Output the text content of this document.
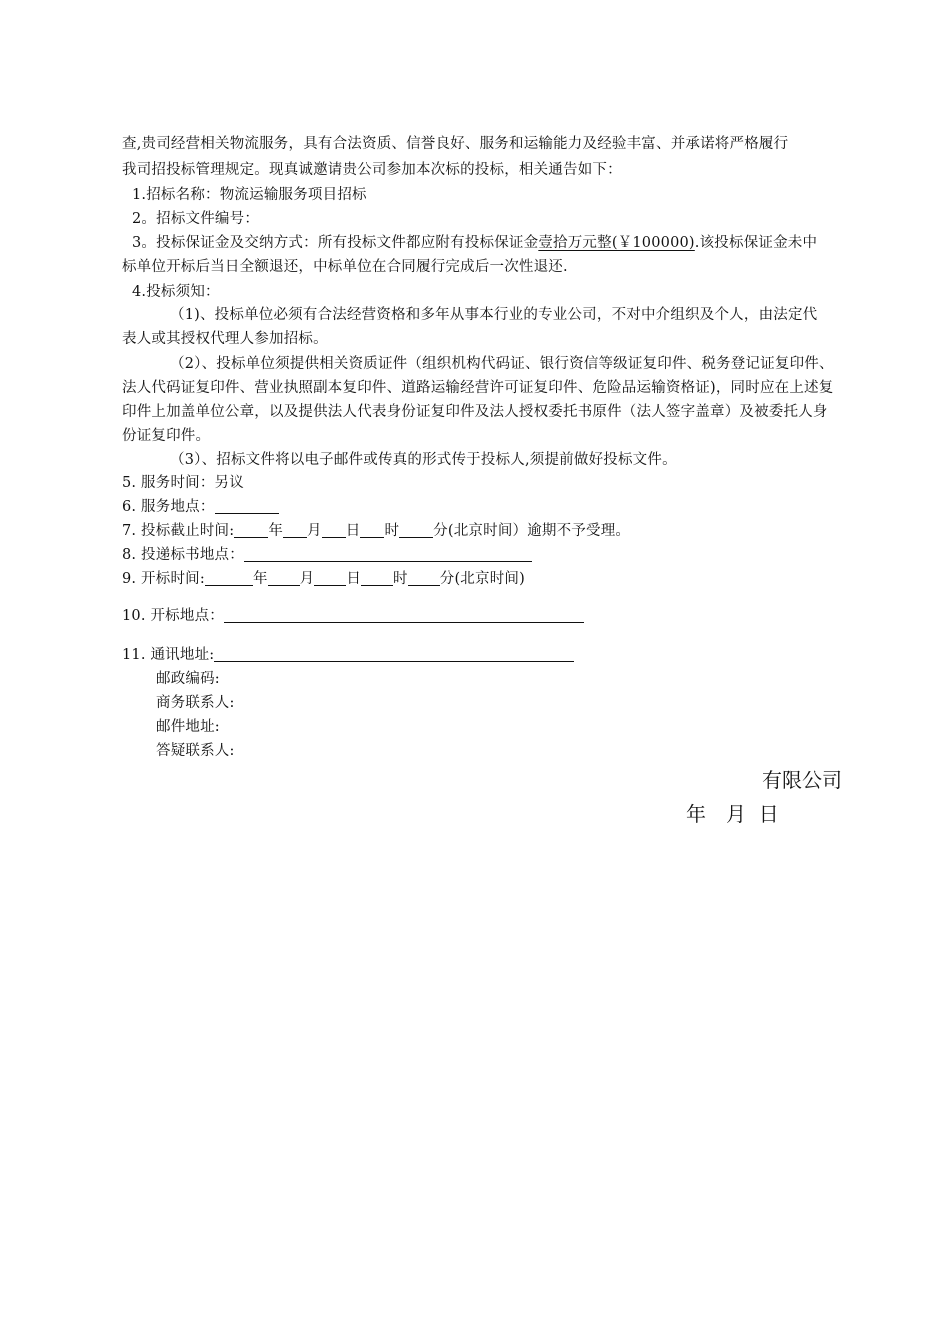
查,贵司经营相关物流服务，具有合法资质、信誉良好、服务和运输能力及经验丰富、并承诺将严格履行
我司招投标管理规定。现真诚邀请贵公司参加本次标的投标，相关通告如下：
1.招标名称：物流运输服务项目招标
2。招标文件编号：
3。投标保证金及交纳方式：所有投标文件都应附有投标保证金壹拾万元整(￥100000).该投标保证金未中
标单位开标后当日全额退还，中标单位在合同履行完成后一次性退还.
4.投标须知：
（1)、投标单位必须有合法经营资格和多年从事本行业的专业公司，不对中介组织及个人，由法定代
表人或其授权代理人参加招标。
（2）、投标单位须提供相关资质证件（组织机构代码证、银行资信等级证复印件、税务登记证复印件、
法人代码证复印件、营业执照副本复印件、道路运输经营许可证复印件、危险品运输资格证)，同时应在上述复
印件上加盖单位公章，以及提供法人代表身份证复印件及法人授权委托书原件（法人签字盖章）及被委托人身
份证复印件。
（3）、招标文件将以电子邮件或传真的形式传于投标人,须提前做好投标文件。
5. 服务时间：另议
6. 服务地点：
7. 投标截止时间: 年 月 日 时 分(北京时间）逾期不予受理。
8. 投递标书地点：
9. 开标时间:	年 月 日 时 分(北京时间)
10. 开标地点：
11. 通讯地址:
邮政编码:
商务联系人:
邮件地址:
答疑联系人:
有限公司
年　月  日
